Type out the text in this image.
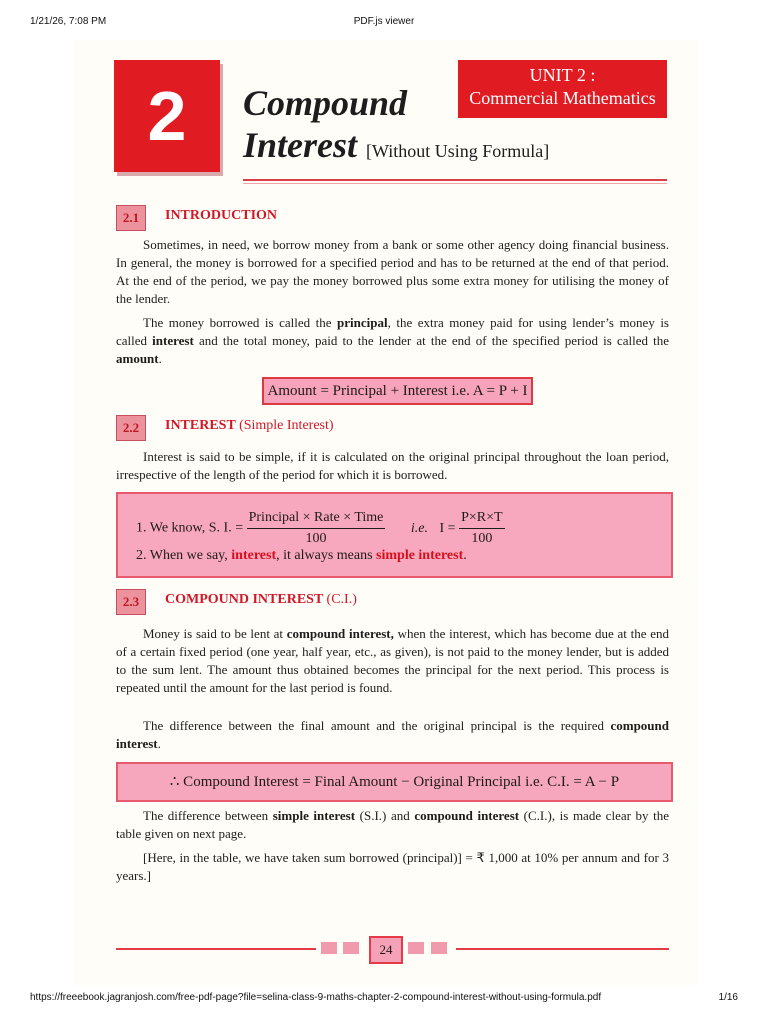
1/21/26, 7:08 PM	PDF.js viewer
2	Compound
Interest [Without Using Formula]
UNIT 2 :
Commercial Mathematics
2.1	INTRODUCTION
Sometimes, in need, we borrow money from a bank or some other agency doing financial business. In general, the money is borrowed for a specified period and has to be returned at the end of that period. At the end of the period, we pay the money borrowed plus some extra money for utilising the money of the lender.
The money borrowed is called the principal, the extra money paid for using lender’s money is called interest and the total money, paid to the lender at the end of the specified period is called the amount.
Amount = Principal + Interest i.e. A = P + I
2.2	INTEREST (Simple Interest)
Interest is said to be simple, if it is calculated on the original principal throughout the loan period, irrespective of the length of the period for which it is borrowed.
1. We know, S. I. = $\frac{\text{Principal × Rate × Time}}{100} i.e$. $I = \frac{P\times R\times T}{100}$
2. When we say, interest, it always means simple interest.
2.3	COMPOUND INTEREST (C.I.)
Money is said to be lent at compound interest, when the interest, which has become due at the end of a certain fixed period (one year, half year, etc., as given), is not paid to the money lender, but is added to the sum lent. The amount thus obtained becomes the principal for the next period. This process is repeated until the amount for the last period is found.
The difference between the final amount and the original principal is the required compound interest.
∴ Compound Interest = Final Amount − Original Principal i.e. C.I. = A − P
The difference between simple interest (S.I.) and compound interest (C.I.), is made clear by the table given on next page.
[Here, in the table, we have taken sum borrowed (principal)] = ₹ 1,000 at 10% per annum and for 3 years.]
24
https://freeebook.jagranjosh.com/free-pdf-page?file=selina-class-9-maths-chapter-2-compound-interest-without-using-formula.pdf	1/16
